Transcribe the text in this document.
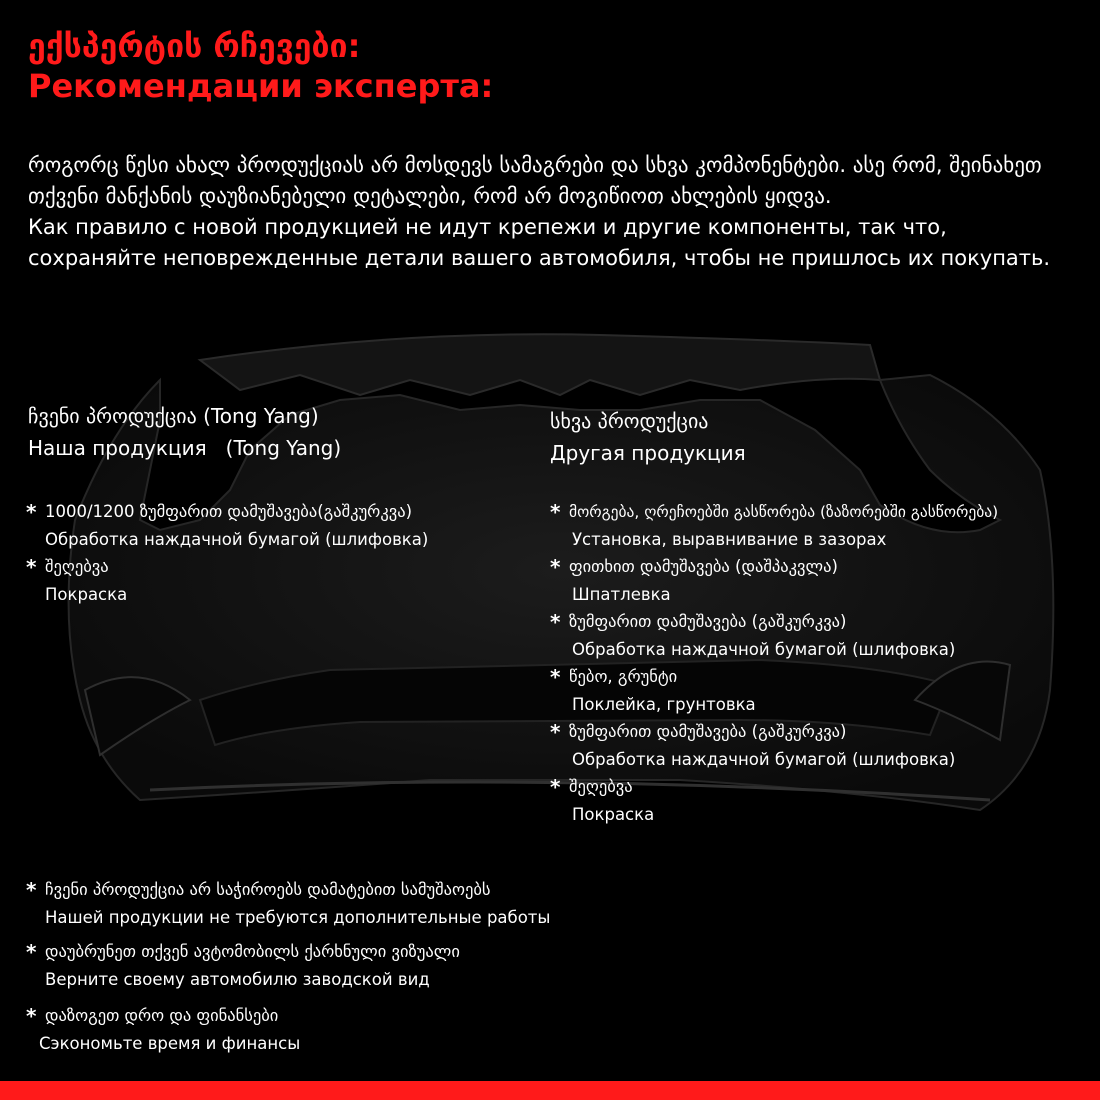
ექსპერტის რჩევები:
Рекомендации эксперта:

როგორც წესი ახალ პროდუქციას არ მოსდევს სამაგრები და სხვა კომპონენტები. ასე რომ, შეინახეთ თქვენი მანქანის დაუზიანებელი დეტალები, რომ არ მოგიწიოთ ახლების ყიდვა.

Как правило с новой продукцией не идут крепежи и другие компоненты, так что, сохраняйте неповрежденные детали вашего автомобиля, чтобы не пришлось их покупать.

ჩვენი პროდუქცია (Tong Yang)
Наша продукция   (Tong Yang)
* 1000/1200 ზუმფარით დამუშავება(გაშკურკვა)
Обработка наждачной бумагой (шлифовка)
* შეღებვა
Покраска
სხვა პროდუქცია
Другая продукция
* მორგება, ღრეჩოებში გასწორება (ზაზორებში გასწორება)
Установка, выравнивание в зазорах
* ფითხით დამუშავება (დაშპაკვლა)
Шпатлевка
* ზუმფარით დამუშავება (გაშკურკვა)
Обработка наждачной бумагой (шлифовка)
* წებო, გრუნტი
Поклейка, грунтовка
* ზუმფარით დამუშავება (გაშკურკვა)
Обработка наждачной бумагой (шлифовка)
* შეღებვა
Покраска
* ჩვენი პროდუქცია არ საჭიროებს დამატებით სამუშაოებს
Нашей продукции не требуются дополнительные работы
* დაუბრუნეთ თქვენ ავტომობილს ქარხნული ვიზუალი
Верните своему автомобилю заводской вид
* დაზოგეთ დრო და ფინანსები
Сэкономьте время и финансы
